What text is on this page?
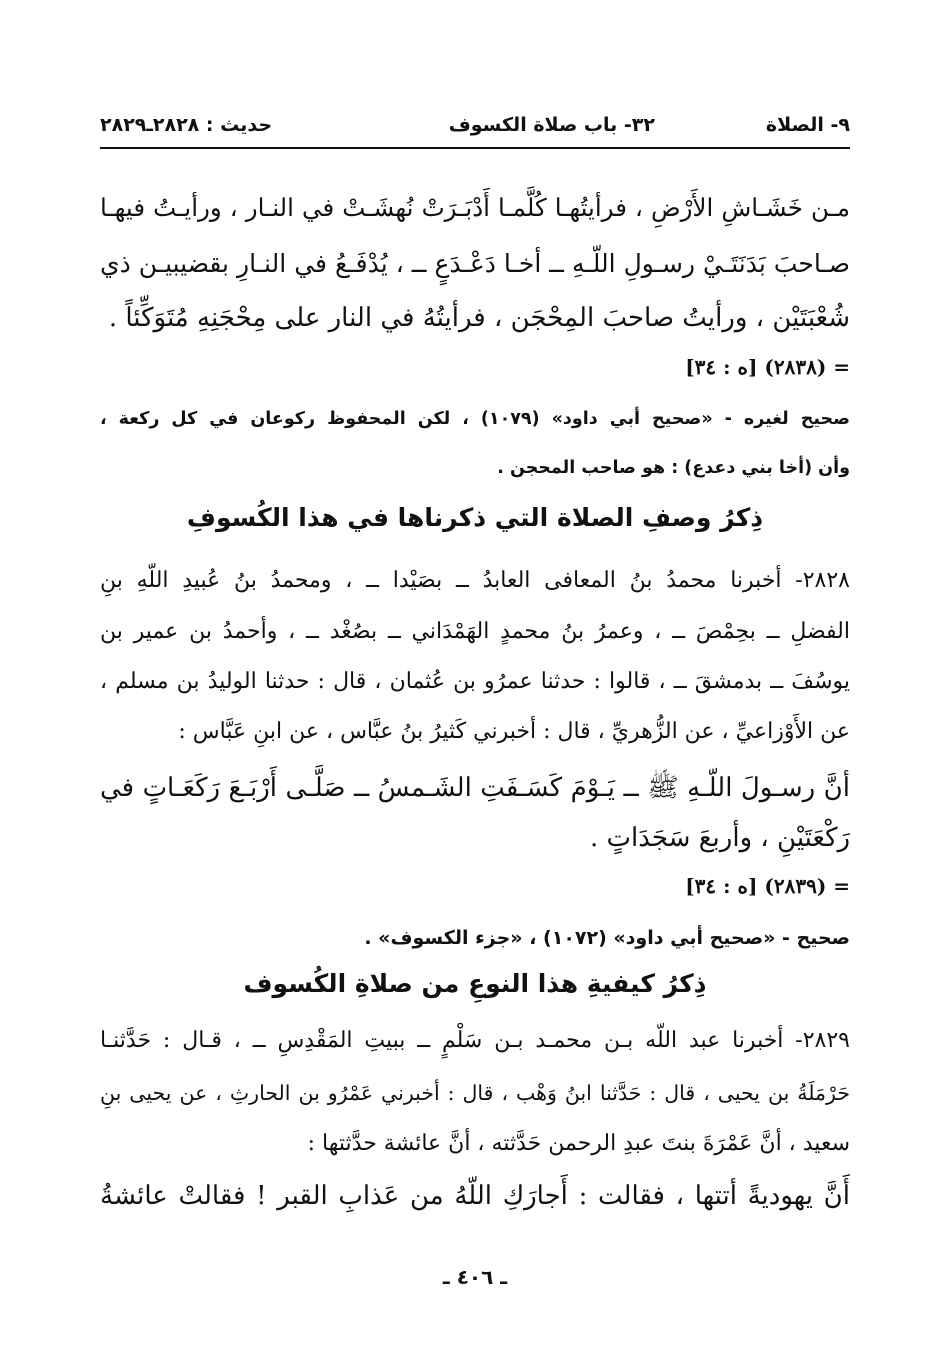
٩- الصلاة
٣٢- باب صلاة الكسوف
حديث : ٢٨٢٨ـ٢٨٢٩
مـن خَشَـاشِ الأَرْضِ ، فرأيتُهـا كُلَّمـا أَدْبَـرَتْ نُهشَـتْ في النـار ، ورأيـتُ فيهـا
صـاحبَ بَدَنَتَـيْ رسـولِ اللّـهِ ــ أخـا دَعْـدَعٍ ــ ، يُدْفَـعُ في النـارِ بقضيبيـن ذي
شُعْبَتَيْن ، ورأيتُ صاحبَ المِحْجَن ، فرأيتُهُ في النار على مِحْجَنِهِ مُتَوَكِّئاً .
= (٢٨٣٨) [ه : ٣٤]
صحيح لغيره - «صحيح أبي داود» (١٠٧٩) ، لكن المحفوظ ركوعان في كل ركعة ،
وأن (أخا بني دعدع) : هو صاحب المحجن .
ذِكرُ وصفِ الصلاة التي ذكرناها في هذا الكُسوفِ
٢٨٢٨- أخبرنا محمدُ بنُ المعافى العابدُ ــ بصَيْدا ــ ، ومحمدُ بنُ عُبيدِ اللّهِ بنِ
الفضلِ ــ بحِمْصَ ــ ، وعمرُ بنُ محمدٍ الهَمْدَاني ــ بصُغْد ــ ، وأحمدُ بن عمير بن
يوسُفَ ــ بدمشقَ ــ ، قالوا : حدثنا عمرُو بن عُثمان ، قال : حدثنا الوليدُ بن مسلم ،
عن الأَوْزاعيِّ ، عن الزُّهريِّ ، قال : أخبرني كَثيرُ بنُ عبَّاس ، عن ابنِ عَبَّاس :
أنَّ رسـولَ اللّـهِ ﷺ ــ يَـوْمَ كَسَـفَتِ الشَـمسُ ــ صَلَّـى أَرْبَـعَ رَكَعَـاتٍ في
رَكْعَتَيْنِ ، وأربعَ سَجَدَاتٍ .
= (٢٨٣٩) [ه : ٣٤]
صحيح - «صحيح أبي داود» (١٠٧٢) ، «جزء الكسوف» .
ذِكرُ كيفيةِ هذا النوعِ من صلاةِ الكُسوف
٢٨٢٩- أخبرنا عبد اللّه بـن محمـد بـن سَلْمٍ ــ ببيتِ المَقْدِسِ ــ ، قـال : حَدَّثنـا
حَرْمَلَةُ بن يحيى ، قال : حَدَّثنا ابنُ وَهْب ، قال : أخبرني عَمْرُو بن الحارثِ ، عن يحيى بنِ
سعيد ، أنَّ عَمْرَةَ بنتَ عبدِ الرحمن حَدَّثته ، أنَّ عائشة حدَّثتها :
أَنَّ يهوديةً أتتها ، فقالت : أَجارَكِ اللّهُ من عَذابِ القبر ! فقالتْ عائشةُ
ـ ٤٠٦ ـ
